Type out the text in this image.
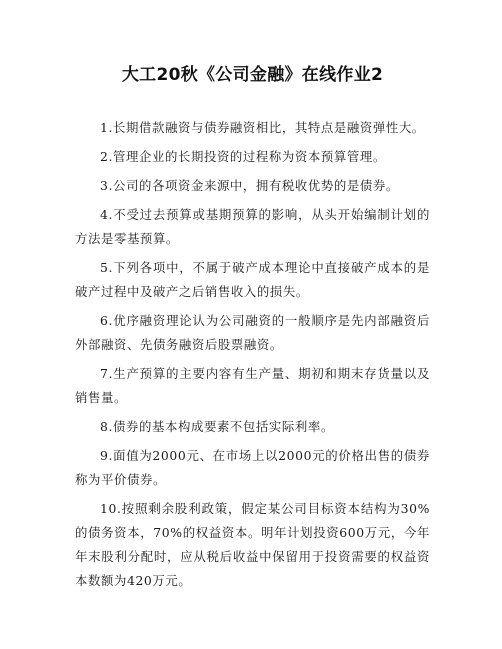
大工20秋《公司金融》在线作业2
1.长期借款融资与债券融资相比，其特点是融资弹性大。
2.管理企业的长期投资的过程称为资本预算管理。
3.公司的各项资金来源中，拥有税收优势的是债券。
4.不受过去预算或基期预算的影响，从头开始编制计划的方法是零基预算。
5.下列各项中，不属于破产成本理论中直接破产成本的是破产过程中及破产之后销售收入的损失。
6.优序融资理论认为公司融资的一般顺序是先内部融资后外部融资、先债务融资后股票融资。
7.生产预算的主要内容有生产量、期初和期末存货量以及销售量。
8.债券的基本构成要素不包括实际利率。
9.面值为2000元、在市场上以2000元的价格出售的债券称为平价债券。
10.按照剩余股利政策，假定某公司目标资本结构为30%的债务资本，70%的权益资本。明年计划投资600万元，今年年末股利分配时，应从税后收益中保留用于投资需要的权益资本数额为420万元。
